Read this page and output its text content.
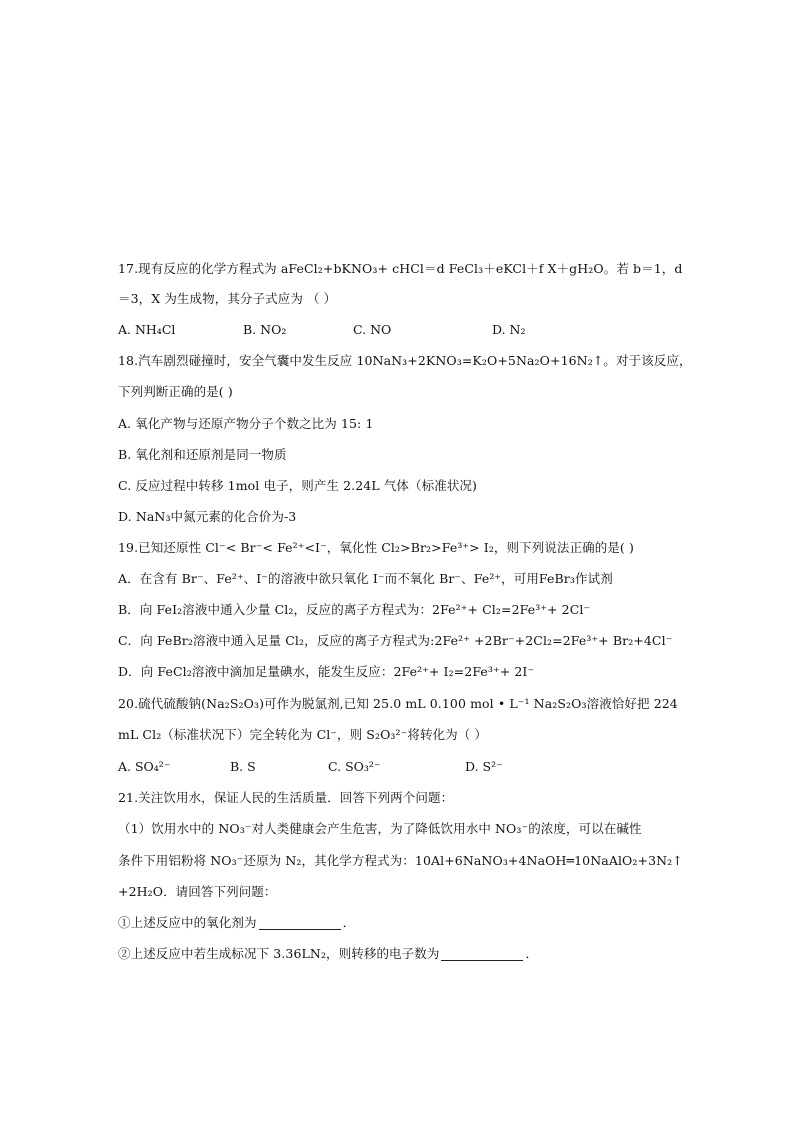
17.现有反应的化学方程式为 aFeCl₂+bKNO₃+ cHCl＝d FeCl₃＋eKCl＋f X＋gH₂O。若 b＝1，d
＝3，X 为生成物，其分子式应为 （ ）
A. NH₄Cl	B. NO₂	C. NO	D. N₂
18.汽车剧烈碰撞时，安全气囊中发生反应 10NaN₃+2KNO₃=K₂O+5Na₂O+16N₂↑。对于该反应，
下列判断正确的是( )
A. 氧化产物与还原产物分子个数之比为 15: 1
B. 氧化剂和还原剂是同一物质
C. 反应过程中转移 1mol 电子，则产生 2.24L 气体（标准状况)
D. NaN₃中氮元素的化合价为-3
19.已知还原性 Cl⁻< Br⁻< Fe²⁺<I⁻，氧化性 Cl₂>Br₂>Fe³⁺> I₂，则下列说法正确的是( )
A．在含有 Br⁻、Fe²⁺、I⁻的溶液中欲只氧化 I⁻而不氧化 Br⁻、Fe²⁺，可用FeBr₃作试剂
B．向 FeI₂溶液中通入少量 Cl₂，反应的离子方程式为：2Fe²⁺+ Cl₂=2Fe³⁺+ 2Cl⁻
C．向 FeBr₂溶液中通入足量 Cl₂，反应的离子方程式为:2Fe²⁺ +2Br⁻+2Cl₂=2Fe³⁺+ Br₂+4Cl⁻
D．向 FeCl₂溶液中滴加足量碘水，能发生反应：2Fe²⁺+ I₂=2Fe³⁺+ 2I⁻
20.硫代硫酸钠(Na₂S₂O₃)可作为脱氯剂,已知 25.0 mL 0.100 mol • L⁻¹ Na₂S₂O₃溶液恰好把 224
mL Cl₂（标准状况下）完全转化为 Cl⁻，则 S₂O₃²⁻将转化为（ ）
A. SO₄²⁻	B. S	C. SO₃²⁻	D. S²⁻
21.关注饮用水，保证人民的生活质量．回答下列两个问题：
（1）饮用水中的 NO₃⁻对人类健康会产生危害，为了降低饮用水中 NO₃⁻的浓度，可以在碱性
条件下用铝粉将 NO₃⁻还原为 N₂，其化学方程式为：10Al+6NaNO₃+4NaOH═10NaAlO₂+3N₂↑
+2H₂O．请回答下列问题：
①上述反应中的氧化剂为	．
②上述反应中若生成标况下 3.36LN₂，则转移的电子数为	．
